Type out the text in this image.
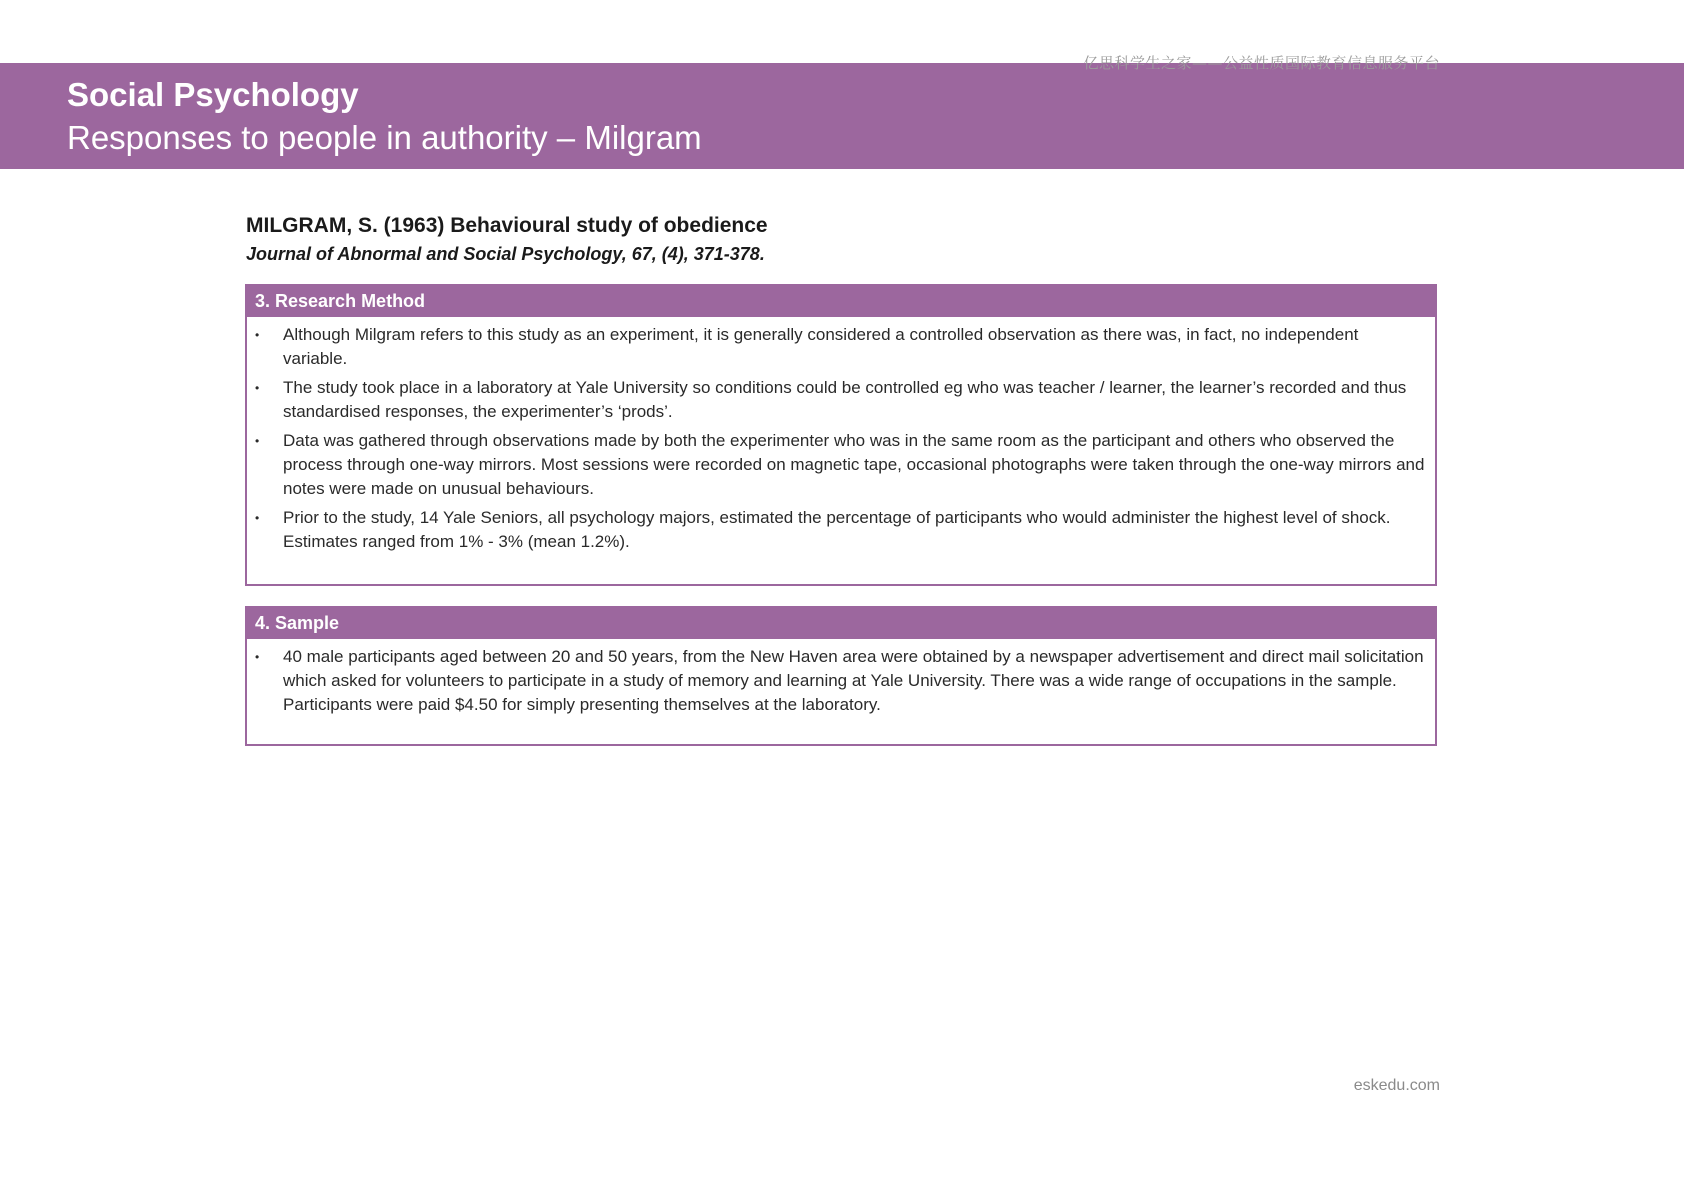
亿思科学生之家——公益性质国际教育信息服务平台
Social Psychology
Responses to people in authority – Milgram
MILGRAM, S. (1963) Behavioural study of obedience
Journal of Abnormal and Social Psychology, 67, (4), 371-378.
3. Research Method
• Although Milgram refers to this study as an experiment, it is generally considered a controlled observation as there was, in fact, no independent variable.
• The study took place in a laboratory at Yale University so conditions could be controlled eg who was teacher / learner, the learner’s recorded and thus standardised responses, the experimenter’s ‘prods’.
• Data was gathered through observations made by both the experimenter who was in the same room as the participant and others who observed the process through one-way mirrors. Most sessions were recorded on magnetic tape, occasional photographs were taken through the one-way mirrors and notes were made on unusual behaviours.
• Prior to the study, 14 Yale Seniors, all psychology majors, estimated the percentage of participants who would administer the highest level of shock. Estimates ranged from 1% - 3% (mean 1.2%).
4. Sample
• 40 male participants aged between 20 and 50 years, from the New Haven area were obtained by a newspaper advertisement and direct mail solicitation which asked for volunteers to participate in a study of memory and learning at Yale University. There was a wide range of occupations in the sample. Participants were paid $4.50 for simply presenting themselves at the laboratory.
eskedu.com
